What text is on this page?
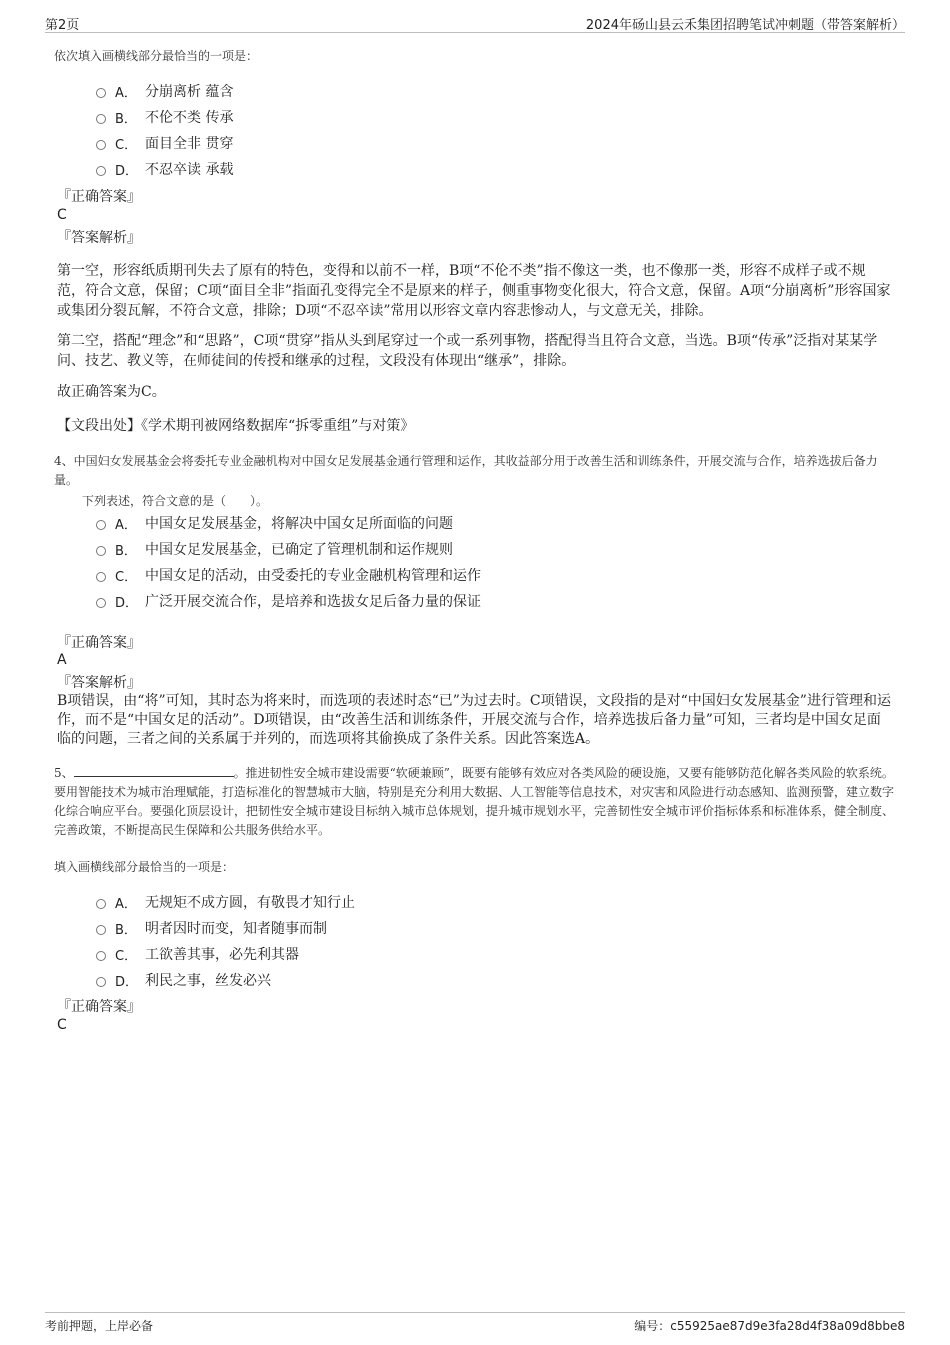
第2页	2024年砀山县云禾集团招聘笔试冲刺题（带答案解析）
依次填入画横线部分最恰当的一项是：
A． 分崩离析 蕴含
B． 不伦不类 传承
C． 面目全非 贯穿
D． 不忍卒读 承载
『正确答案』
C
『答案解析』
第一空，形容纸质期刊失去了原有的特色，变得和以前不一样，B项“不伦不类”指不像这一类，也不像那一类，形容不成样子或不规范，符合文意，保留；C项“面目全非”指面孔变得完全不是原来的样子，侧重事物变化很大，符合文意，保留。A项“分崩离析”形容国家或集团分裂瓦解，不符合文意，排除；D项“不忍卒读”常用以形容文章内容悲惨动人，与文意无关，排除。
第二空，搭配“理念”和“思路”，C项“贯穿”指从头到尾穿过一个或一系列事物，搭配得当且符合文意，当选。B项“传承”泛指对某某学问、技艺、教义等，在师徒间的传授和继承的过程，文段没有体现出“继承”，排除。
故正确答案为C。
【文段出处】《学术期刊被网络数据库“拆零重组”与对策》
4、中国妇女发展基金会将委托专业金融机构对中国女足发展基金通行管理和运作，其收益部分用于改善生活和训练条件，开展交流与合作，培养选拔后备力量。
下列表述，符合文意的是（　　）。
A． 中国女足发展基金，将解决中国女足所面临的问题
B． 中国女足发展基金，已确定了管理机制和运作规则
C． 中国女足的活动，由受委托的专业金融机构管理和运作
D． 广泛开展交流合作，是培养和选拔女足后备力量的保证
『正确答案』
A
『答案解析』
B项错误，由“将”可知，其时态为将来时，而选项的表述时态“已”为过去时。C项错误，文段指的是对“中国妇女发展基金”进行管理和运作，而不是“中国女足的活动”。D项错误，由“改善生活和训练条件，开展交流与合作，培养选拔后备力量”可知，三者均是中国女足面临的问题，三者之间的关系属于并列的，而选项将其偷换成了条件关系。因此答案选A。
5、	。推进韧性安全城市建设需要“软硬兼顾”，既要有能够有效应对各类风险的硬设施，又要有能够防范化解各类风险的软系统。要用智能技术为城市治理赋能，打造标准化的智慧城市大脑，特别是充分利用大数据、人工智能等信息技术，对灾害和风险进行动态感知、监测预警，建立数字化综合响应平台。要强化顶层设计，把韧性安全城市建设目标纳入城市总体规划，提升城市规划水平，完善韧性安全城市评价指标体系和标准体系，健全制度、完善政策，不断提高民生保障和公共服务供给水平。
填入画横线部分最恰当的一项是：
A． 无规矩不成方圆，有敬畏才知行止
B． 明者因时而变，知者随事而制
C． 工欲善其事，必先利其器
D． 利民之事，丝发必兴
『正确答案』
C
考前押题，上岸必备	编号：c55925ae87d9e3fa28d4f38a09d8bbe8
